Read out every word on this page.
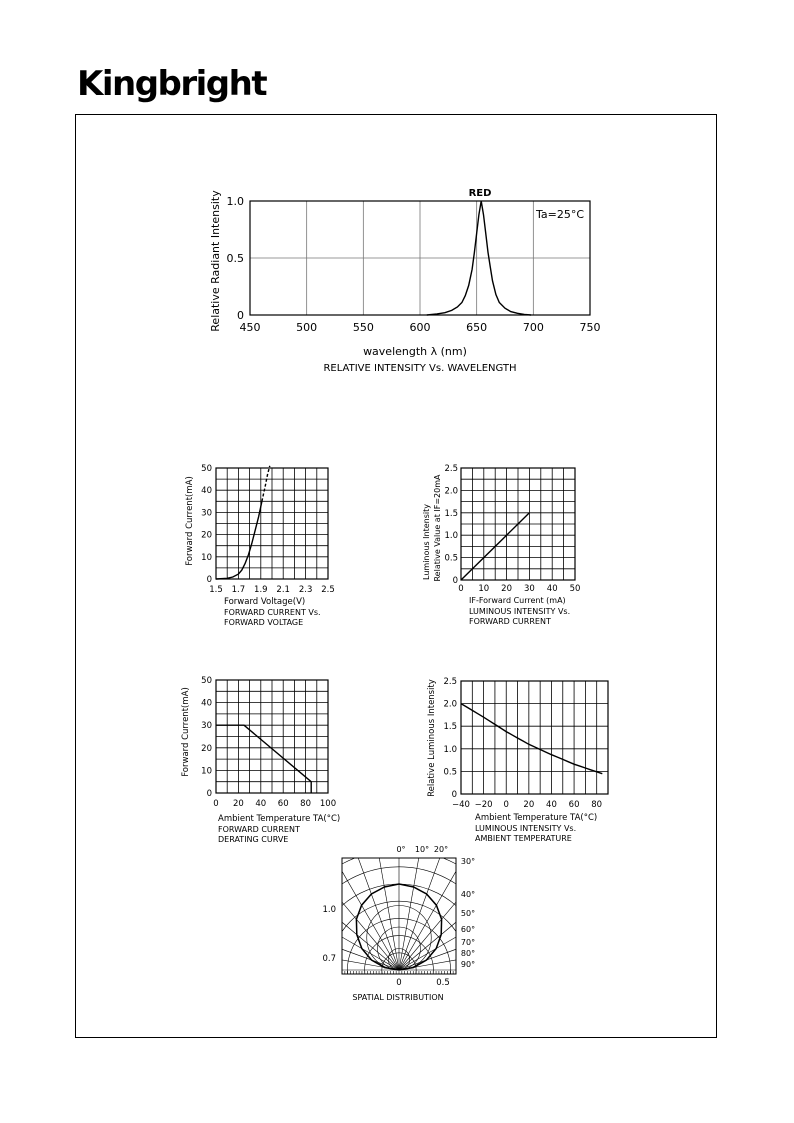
Kingbright
450	500	550	600	650	700	750
0
0.5
1.0
RED
Ta=25°C
wavelength λ (nm)
RELATIVE INTENSITY Vs. WAVELENGTH
Relative Radiant Intensity
1.5 1.7 1.9 2.1 2.3 2.5
0
10
20
30
40
50
Forward Voltage(V)
FORWARD CURRENT Vs.
FORWARD VOLTAGE
Forward Current(mA)
0 10 20 30 40 50
0
0.5
1.0
1.5
2.0
2.5
IF-Forward Current (mA)
LUMINOUS INTENSITY Vs.
FORWARD CURRENT
Luminous Intensity Relative Value at IF=20mA
0 20 40 60 80 100
0
10
20
30
40
50
Ambient Temperature TA(°C)
FORWARD CURRENT
DERATING CURVE
Forward Current(mA)
−40 −20 0 20 40 60 80
0
0.5
1.0
1.5
2.0
2.5
Ambient Temperature TA(°C)
LUMINOUS INTENSITY Vs.
AMBIENT TEMPERATURE
Relative Luminous Intensity
0° 10° 20°
30°
40°
50°
60°
70°
80°
90°
1.0
0.7
0	0.5
SPATIAL DISTRIBUTION
